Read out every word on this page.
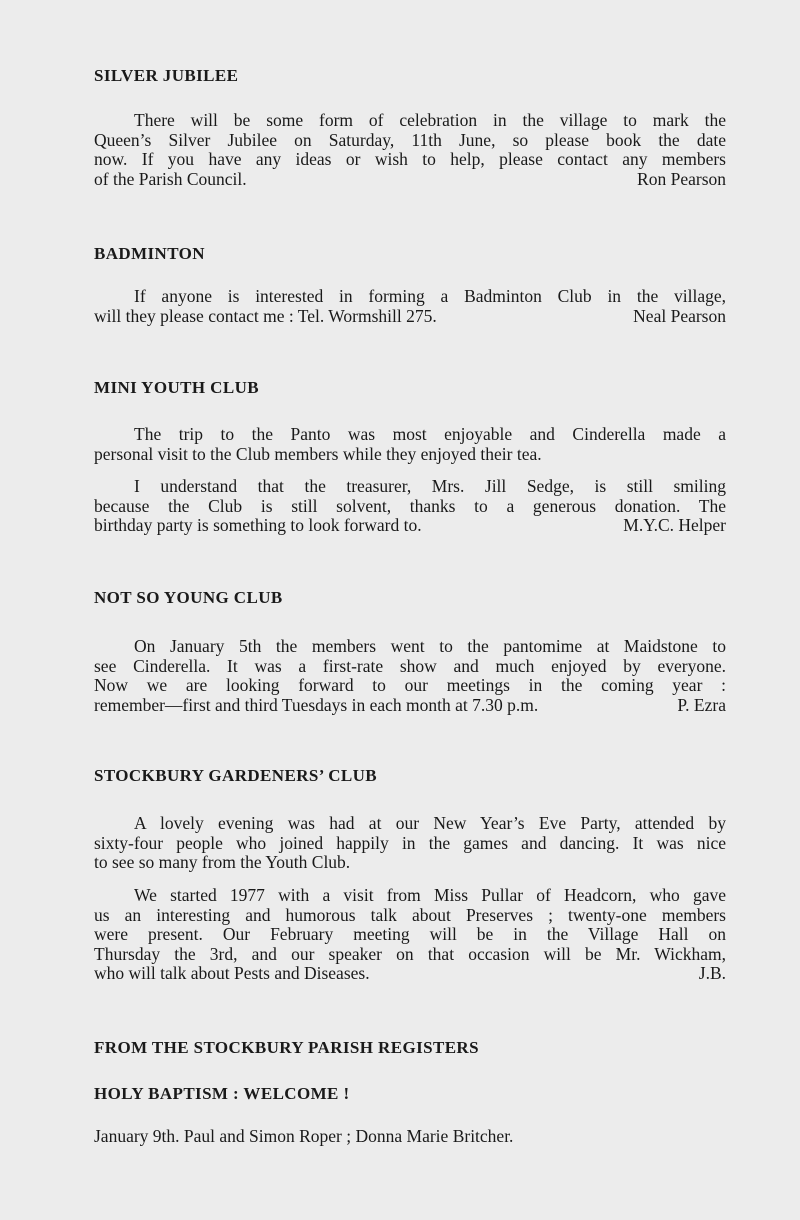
SILVER JUBILEE
There will be some form of celebration in the village to mark the
Queen’s Silver Jubilee on Saturday, 11th June, so please book the date
now. If you have any ideas or wish to help, please contact any members
of the Parish Council.	Ron Pearson
BADMINTON
If anyone is interested in forming a Badminton Club in the village,
will they please contact me : Tel. Wormshill 275.	Neal Pearson
MINI YOUTH CLUB
The trip to the Panto was most enjoyable and Cinderella made a
personal visit to the Club members while they enjoyed their tea.
I understand that the treasurer, Mrs. Jill Sedge, is still smiling
because the Club is still solvent, thanks to a generous donation. The
birthday party is something to look forward to.	M.Y.C. Helper
NOT SO YOUNG CLUB
On January 5th the members went to the pantomime at Maidstone to
see Cinderella. It was a first-rate show and much enjoyed by everyone.
Now we are looking forward to our meetings in the coming year :
remember—first and third Tuesdays in each month at 7.30 p.m.	P. Ezra
STOCKBURY GARDENERS’ CLUB
A lovely evening was had at our New Year’s Eve Party, attended by
sixty-four people who joined happily in the games and dancing. It was nice
to see so many from the Youth Club.
We started 1977 with a visit from Miss Pullar of Headcorn, who gave
us an interesting and humorous talk about Preserves ; twenty-one members
were present. Our February meeting will be in the Village Hall on
Thursday the 3rd, and our speaker on that occasion will be Mr. Wickham,
who will talk about Pests and Diseases.	J.B.
FROM THE STOCKBURY PARISH REGISTERS
HOLY BAPTISM : WELCOME !

January 9th. Paul and Simon Roper ; Donna Marie Britcher.
